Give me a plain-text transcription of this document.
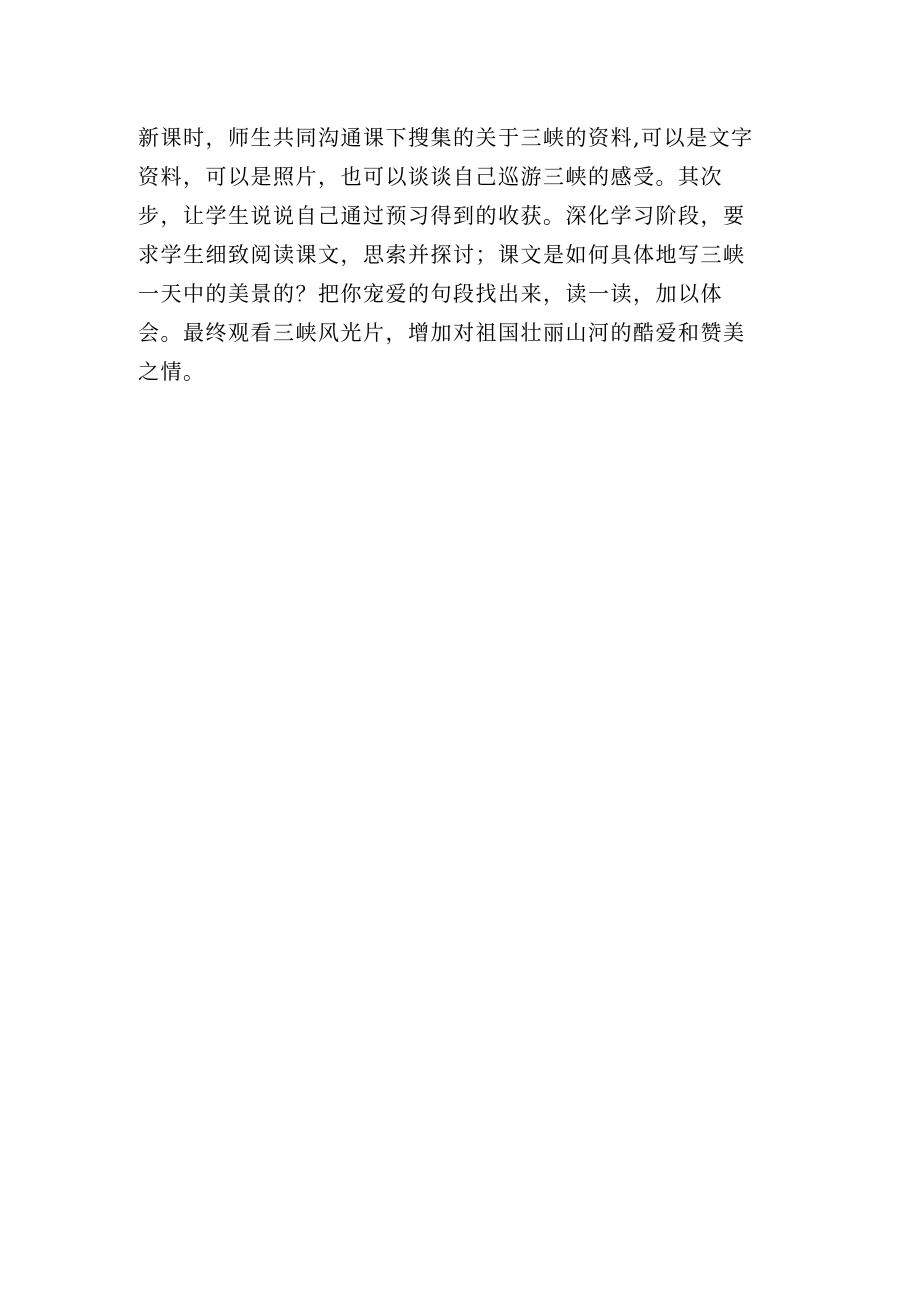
新课时，师生共同沟通课下搜集的关于三峡的资料,可以是文字
资料，可以是照片，也可以谈谈自己巡游三峡的感受。其次
步，让学生说说自己通过预习得到的收获。深化学习阶段，要
求学生细致阅读课文，思索并探讨；课文是如何具体地写三峡
一天中的美景的？把你宠爱的句段找出来，读一读，加以体
会。最终观看三峡风光片，增加对祖国壮丽山河的酷爱和赞美
之情。
